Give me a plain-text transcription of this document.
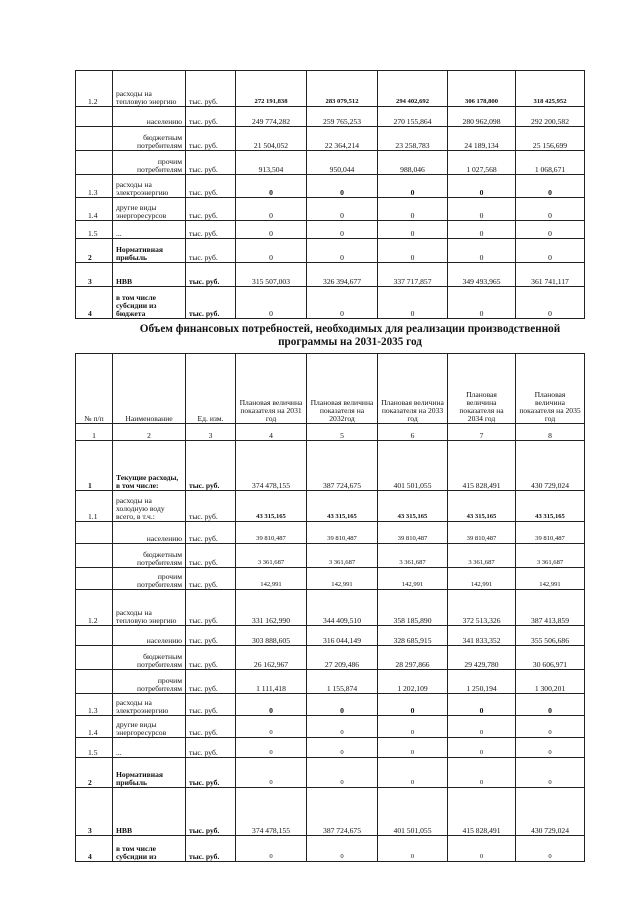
1.2	расходы на тепловую энергию	тыс. руб.	272 191,838	283 079,512	294 402,692	306 178,800	318 425,952
	населению	тыс. руб.	249 774,282	259 765,253	270 155,864	280 962,098	292 200,582
	бюджетным потребителям	тыс. руб.	21 504,052	22 364,214	23 258,783	24 189,134	25 156,699
	прочим потребителям	тыс. руб.	913,504	950,044	988,046	1 027,568	1 068,671
1.3	расходы на электроэнергию	тыс. руб.	0	0	0	0	0
1.4	другие виды энергоресурсов	тыс. руб.	0	0	0	0	0
1.5	...	тыс. руб.	0	0	0	0	0
2	Нормативная прибыль	тыс. руб.	0	0	0	0	0
3	НВВ	тыс. руб.	315 507,003	326 394,677	337 717,857	349 493,965	361 741,117
4	в том числе субсидии из бюджета	тыс. руб.	0	0	0	0	0
Объем финансовых потребностей, необходимых для реализации производственной программы на 2031-2035 год
№ п/п	Наименование	Ед. изм.	Плановая величина показателя на 2031 год	Плановая величина показателя на 2032год	Плановая величина показателя на 2033 год	Плановая величина показателя на 2034 год	Плановая величина показателя на 2035 год
1	2	3	4	5	6	7	8
1	Текущие расходы, в том числе:	тыс. руб.	374 478,155	387 724,675	401 501,055	415 828,491	430 729,024
1.1	расходы на холодную воду всего, в т.ч.:	тыс. руб.	43 315,165	43 315,165	43 315,165	43 315,165	43 315,165
	населению	тыс. руб.	39 810,487	39 810,487	39 810,487	39 810,487	39 810,487
	бюджетным потребителям	тыс. руб.	3 361,687	3 361,687	3 361,687	3 361,687	3 361,687
	прочим потребителям	тыс. руб.	142,991	142,991	142,991	142,991	142,991
1.2	расходы на тепловую энергию	тыс. руб.	331 162,990	344 409,510	358 185,890	372 513,326	387 413,859
	населению	тыс. руб.	303 888,605	316 044,149	328 685,915	341 833,352	355 506,686
	бюджетным потребителям	тыс. руб.	26 162,967	27 209,486	28 297,866	29 429,780	30 606,971
	прочим потребителям	тыс. руб.	1 111,418	1 155,874	1 202,109	1 250,194	1 300,201
1.3	расходы на электроэнергию	тыс. руб.	0	0	0	0	0
1.4	другие виды энергоресурсов	тыс. руб.	0	0	0	0	0
1.5	...	тыс. руб.	0	0	0	0	0
2	Нормативная прибыль	тыс. руб.	0	0	0	0	0
3	НВВ	тыс. руб.	374 478,155	387 724,675	401 501,055	415 828,491	430 729,024
4	в том числе субсидии из	тыс. руб.	0	0	0	0	0
